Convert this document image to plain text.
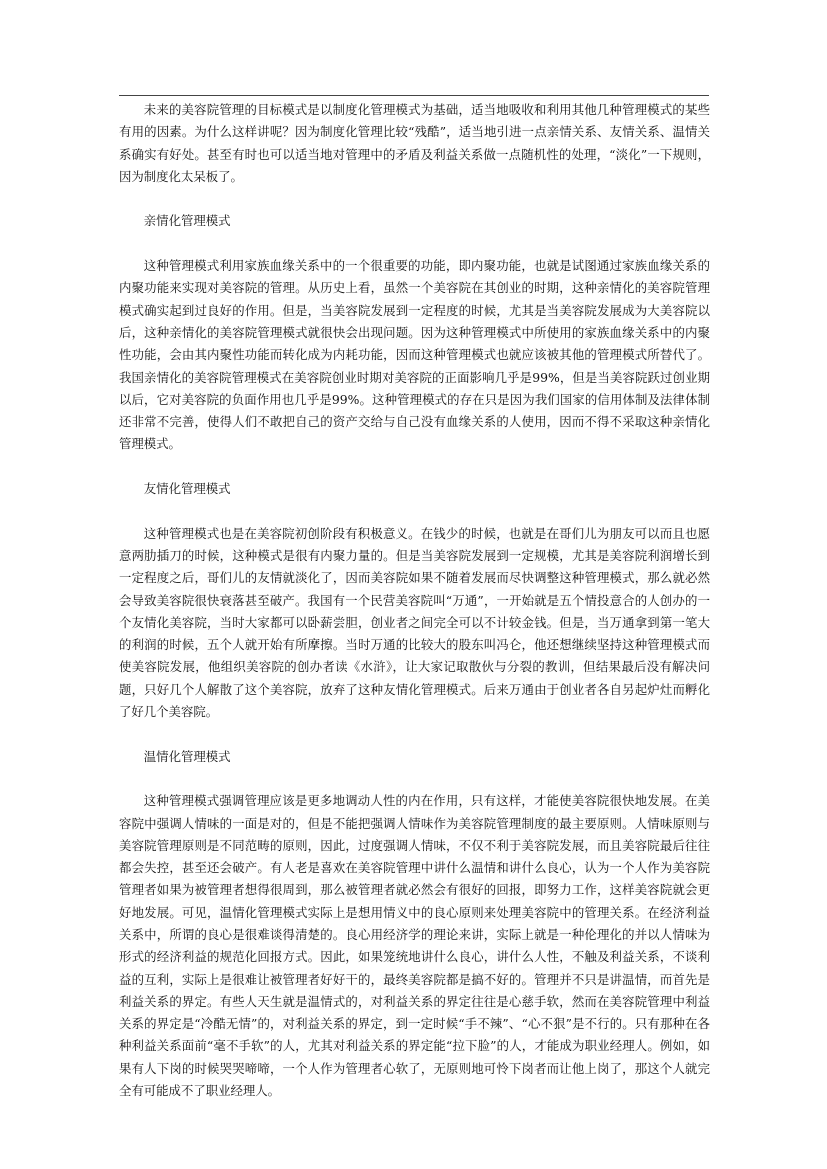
未来的美容院管理的目标模式是以制度化管理模式为基础，适当地吸收和利用其他几种管理模式的某些有用的因素。为什么这样讲呢？因为制度化管理比较“残酷”，适当地引进一点亲情关系、友情关系、温情关系确实有好处。甚至有时也可以适当地对管理中的矛盾及利益关系做一点随机性的处理，“淡化”一下规则，因为制度化太呆板了。

亲情化管理模式

这种管理模式利用家族血缘关系中的一个很重要的功能，即内聚功能，也就是试图通过家族血缘关系的内聚功能来实现对美容院的管理。从历史上看，虽然一个美容院在其创业的时期，这种亲情化的美容院管理模式确实起到过良好的作用。但是，当美容院发展到一定程度的时候，尤其是当美容院发展成为大美容院以后，这种亲情化的美容院管理模式就很快会出现问题。因为这种管理模式中所使用的家族血缘关系中的内聚性功能，会由其内聚性功能而转化成为内耗功能，因而这种管理模式也就应该被其他的管理模式所替代了。我国亲情化的美容院管理模式在美容院创业时期对美容院的正面影响几乎是99%，但是当美容院跃过创业期以后，它对美容院的负面作用也几乎是99%。这种管理模式的存在只是因为我们国家的信用体制及法律体制还非常不完善，使得人们不敢把自己的资产交给与自己没有血缘关系的人使用，因而不得不采取这种亲情化管理模式。

友情化管理模式

这种管理模式也是在美容院初创阶段有积极意义。在钱少的时候，也就是在哥们儿为朋友可以而且也愿意两肋插刀的时候，这种模式是很有内聚力量的。但是当美容院发展到一定规模，尤其是美容院利润增长到一定程度之后，哥们儿的友情就淡化了，因而美容院如果不随着发展而尽快调整这种管理模式，那么就必然会导致美容院很快衰落甚至破产。我国有一个民营美容院叫“万通”，一开始就是五个情投意合的人创办的一个友情化美容院，当时大家都可以卧薪尝胆，创业者之间完全可以不计较金钱。但是，当万通拿到第一笔大的利润的时候，五个人就开始有所摩擦。当时万通的比较大的股东叫冯仑，他还想继续坚持这种管理模式而使美容院发展，他组织美容院的创办者读《水浒》，让大家记取散伙与分裂的教训，但结果最后没有解决问题，只好几个人解散了这个美容院，放弃了这种友情化管理模式。后来万通由于创业者各自另起炉灶而孵化了好几个美容院。

温情化管理模式

这种管理模式强调管理应该是更多地调动人性的内在作用，只有这样，才能使美容院很快地发展。在美容院中强调人情味的一面是对的，但是不能把强调人情味作为美容院管理制度的最主要原则。人情味原则与美容院管理原则是不同范畴的原则，因此，过度强调人情味，不仅不利于美容院发展，而且美容院最后往往都会失控，甚至还会破产。有人老是喜欢在美容院管理中讲什么温情和讲什么良心，认为一个人作为美容院管理者如果为被管理者想得很周到，那么被管理者就必然会有很好的回报，即努力工作，这样美容院就会更好地发展。可见，温情化管理模式实际上是想用情义中的良心原则来处理美容院中的管理关系。在经济利益关系中，所谓的良心是很难谈得清楚的。良心用经济学的理论来讲，实际上就是一种伦理化的并以人情味为形式的经济利益的规范化回报方式。因此，如果笼统地讲什么良心，讲什么人性，不触及利益关系，不谈利益的互利，实际上是很难让被管理者好好干的，最终美容院都是搞不好的。管理并不只是讲温情，而首先是利益关系的界定。有些人天生就是温情式的，对利益关系的界定往往是心慈手软，然而在美容院管理中利益关系的界定是“冷酷无情”的，对利益关系的界定，到一定时候“手不辣”、“心不狠”是不行的。只有那种在各种利益关系面前“毫不手软”的人，尤其对利益关系的界定能“拉下脸”的人，才能成为职业经理人。例如，如果有人下岗的时候哭哭啼啼，一个人作为管理者心软了，无原则地可怜下岗者而让他上岗了，那这个人就完全有可能成不了职业经理人。
